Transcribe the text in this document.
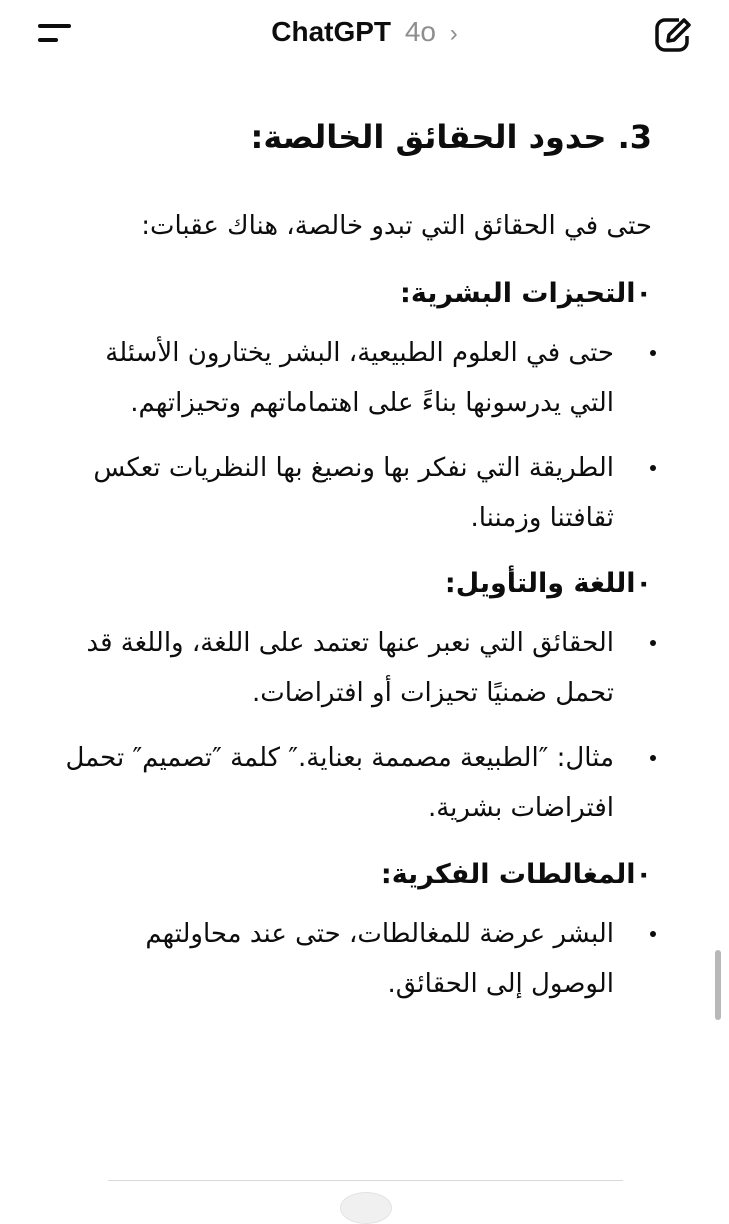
ChatGPT 4o ›
3. حدود الحقائق الخالصة:

حتى في الحقائق التي تبدو خالصة، هناك عقبات:

٠التحيزات البشرية:
حتى في العلوم الطبيعية، البشر يختارون الأسئلة التي يدرسونها بناءً على اهتماماتهم وتحيزاتهم.
الطريقة التي نفكر بها ونصيغ بها النظريات تعكس ثقافتنا وزمننا.
٠اللغة والتأويل:
الحقائق التي نعبر عنها تعتمد على اللغة، واللغة قد تحمل ضمنيًا تحيزات أو افتراضات.
مثال: ″الطبيعة مصممة بعناية.″ كلمة ″تصميم″ تحمل افتراضات بشرية.
٠المغالطات الفكرية:
البشر عرضة للمغالطات، حتى عند محاولتهم الوصول إلى الحقائق.
